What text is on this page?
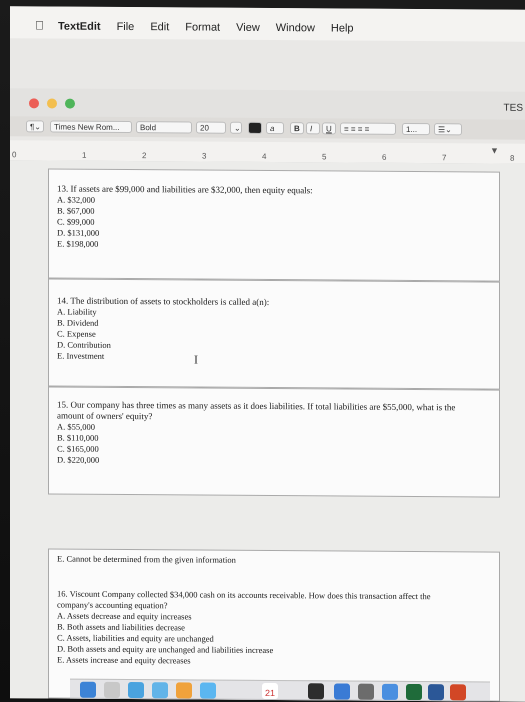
TextEdit File Edit Format View Window Help
TES
¶⌄	Times New Rom...	Bold	20	⌄	a	B	I	U	≡ ≡ ≡ ≡	1...	☰⌄
0	1	2	3	4	5	6	7	8
▼
13. If assets are $99,000 and liabilities are $32,000, then equity equals:
A. $32,000
B. $67,000
C. $99,000
D. $131,000
E. $198,000
14. The distribution of assets to stockholders is called a(n):
A. Liability
B. Dividend
C. Expense
D. Contribution
E. Investment	I
15. Our company has three times as many assets as it does liabilities. If total liabilities are $55,000, what is the
amount of owners' equity?
A. $55,000
B. $110,000
C. $165,000
D. $220,000
E. Cannot be determined from the given information
16. Viscount Company collected $34,000 cash on its accounts receivable. How does this transaction affect the
company's accounting equation?
A. Assets decrease and equity increases
B. Both assets and liabilities decrease
C. Assets, liabilities and equity are unchanged
D. Both assets and equity are unchanged and liabilities increase
E. Assets increase and equity decreases
21
